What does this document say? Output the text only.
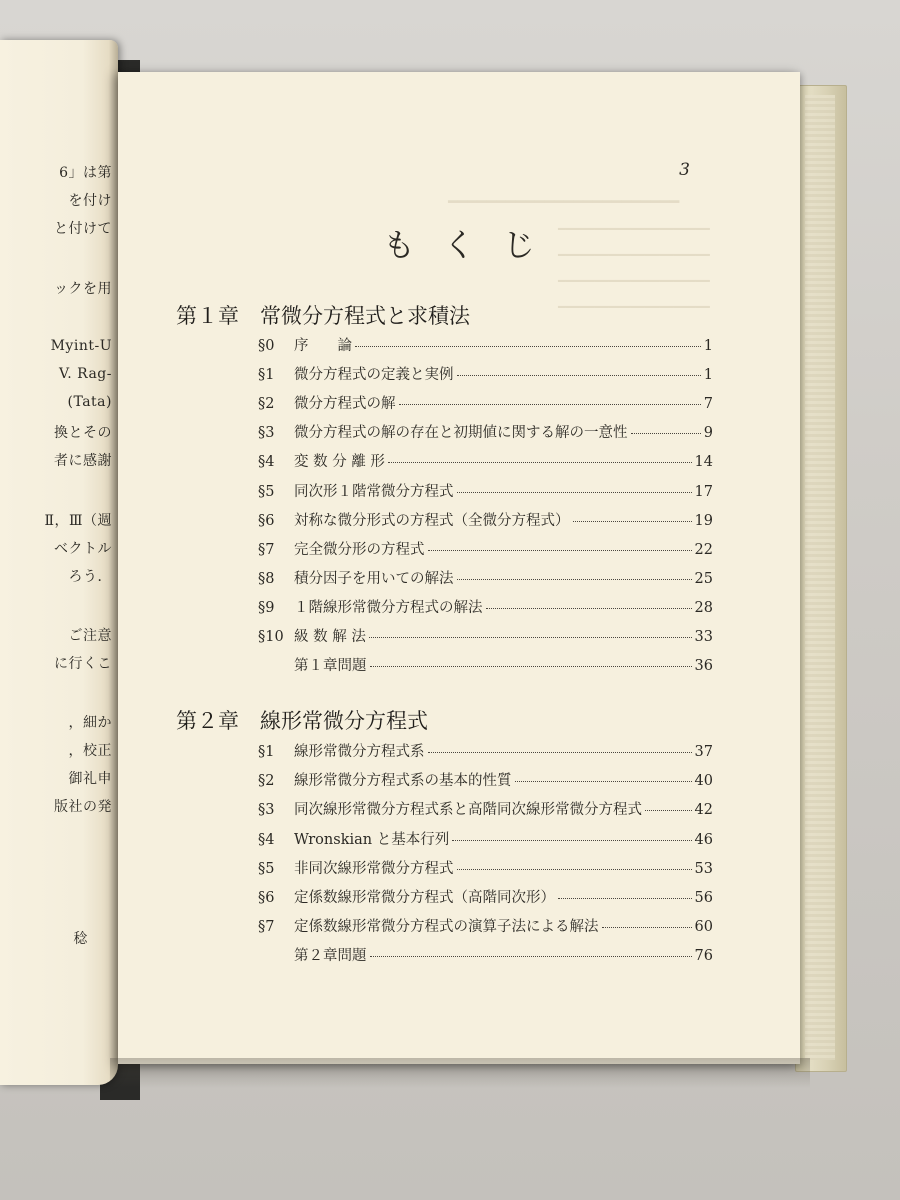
6」は第
を付け
と付けて
ックを用
Myint-U
V. Rag-
(Tata)
換とその
者に感謝
Ⅱ，Ⅲ（週
ベクトル
ろう．
ご注意
に行くこ
，細か
，校正
御礼申
版社の発
稔
━━━━━━━━━━━━━━━━━━━━━━━━
━━━━━━━━━━━━━━━━━━━━━
━━━━━━━━━━━━━━━━━━━━━
━━━━━━━━━━━━━━━━━━━━━
━━━━━━━━━━━━━━━━━━━━━
3
もくじ
第１章 常微分方程式と求積法
§0	序　　論	1
§1	微分方程式の定義と実例	1
§2	微分方程式の解	7
§3	微分方程式の解の存在と初期値に関する解の一意性	9
§4	変 数 分 離 形	14
§5	同次形１階常微分方程式	17
§6	対称な微分形式の方程式（全微分方程式）	19
§7	完全微分形の方程式	22
§8	積分因子を用いての解法	25
§9	１階線形常微分方程式の解法	28
§10 級 数 解 法	33
第１章問題	36
第２章 線形常微分方程式
§1	線形常微分方程式系	37
§2	線形常微分方程式系の基本的性質	40
§3	同次線形常微分方程式系と高階同次線形常微分方程式	42
§4	Wronskian と基本行列	46
§5	非同次線形常微分方程式	53
§6	定係数線形常微分方程式（高階同次形）	56
§7	定係数線形常微分方程式の演算子法による解法	60
第２章問題	76
